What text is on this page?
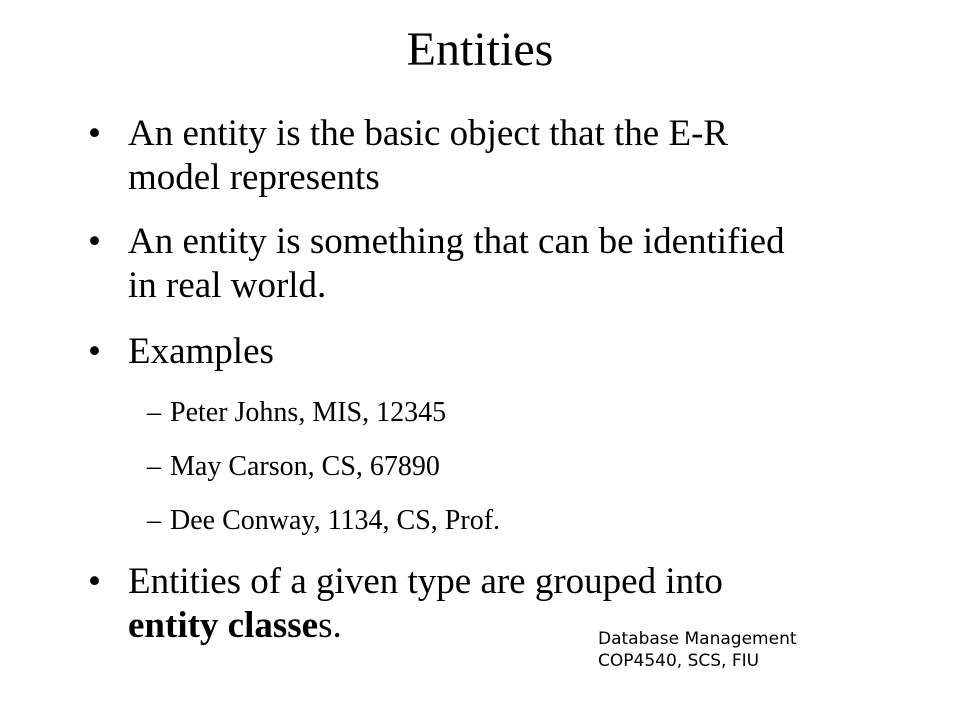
Entities
• An entity is the basic object that the E-R
model represents
• An entity is something that can be identified
in real world.
• Examples
– Peter Johns, MIS, 12345
– May Carson, CS, 67890
– Dee Conway, 1134, CS, Prof.
• Entities of a given type are grouped into
entity classes.	Database Management
COP4540, SCS, FIU
